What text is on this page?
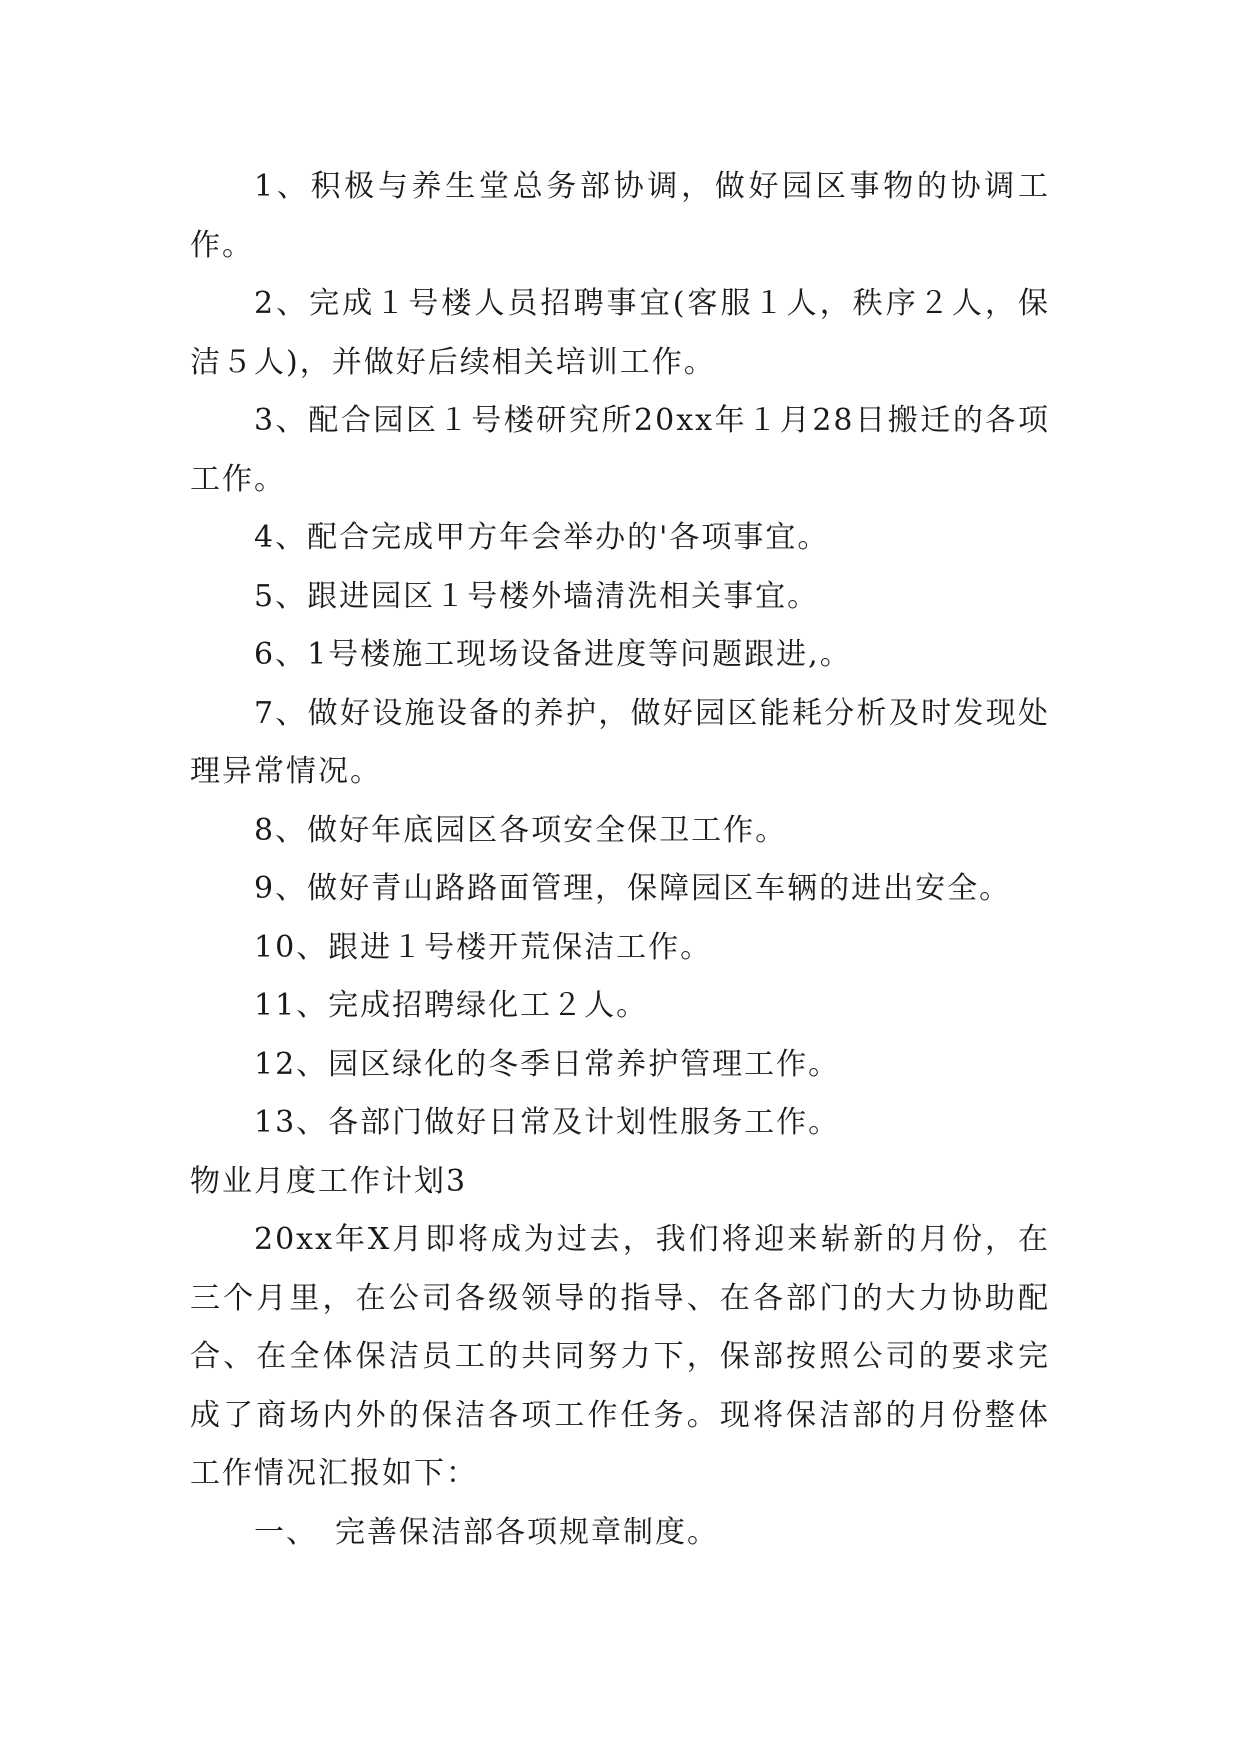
1、积极与养生堂总务部协调，做好园区事物的协调工作。

2、完成１号楼人员招聘事宜(客服１人，秩序２人，保洁５人)，并做好后续相关培训工作。

3、配合园区１号楼研究所20xx年１月28日搬迁的各项工作。

4、配合完成甲方年会举办的'各项事宜。

5、跟进园区１号楼外墙清洗相关事宜。

6、1号楼施工现场设备进度等问题跟进,。

7、做好设施设备的养护，做好园区能耗分析及时发现处理异常情况。

8、做好年底园区各项安全保卫工作。

9、做好青山路路面管理，保障园区车辆的进出安全。

10、跟进１号楼开荒保洁工作。

11、完成招聘绿化工２人。

12、园区绿化的冬季日常养护管理工作。

13、各部门做好日常及计划性服务工作。

物业月度工作计划3

20xx年X月即将成为过去，我们将迎来崭新的月份，在三个月里，在公司各级领导的指导、在各部门的大力协助配合、在全体保洁员工的共同努力下，保部按照公司的要求完成了商场内外的保洁各项工作任务。现将保洁部的月份整体工作情况汇报如下：

一、　完善保洁部各项规章制度。
